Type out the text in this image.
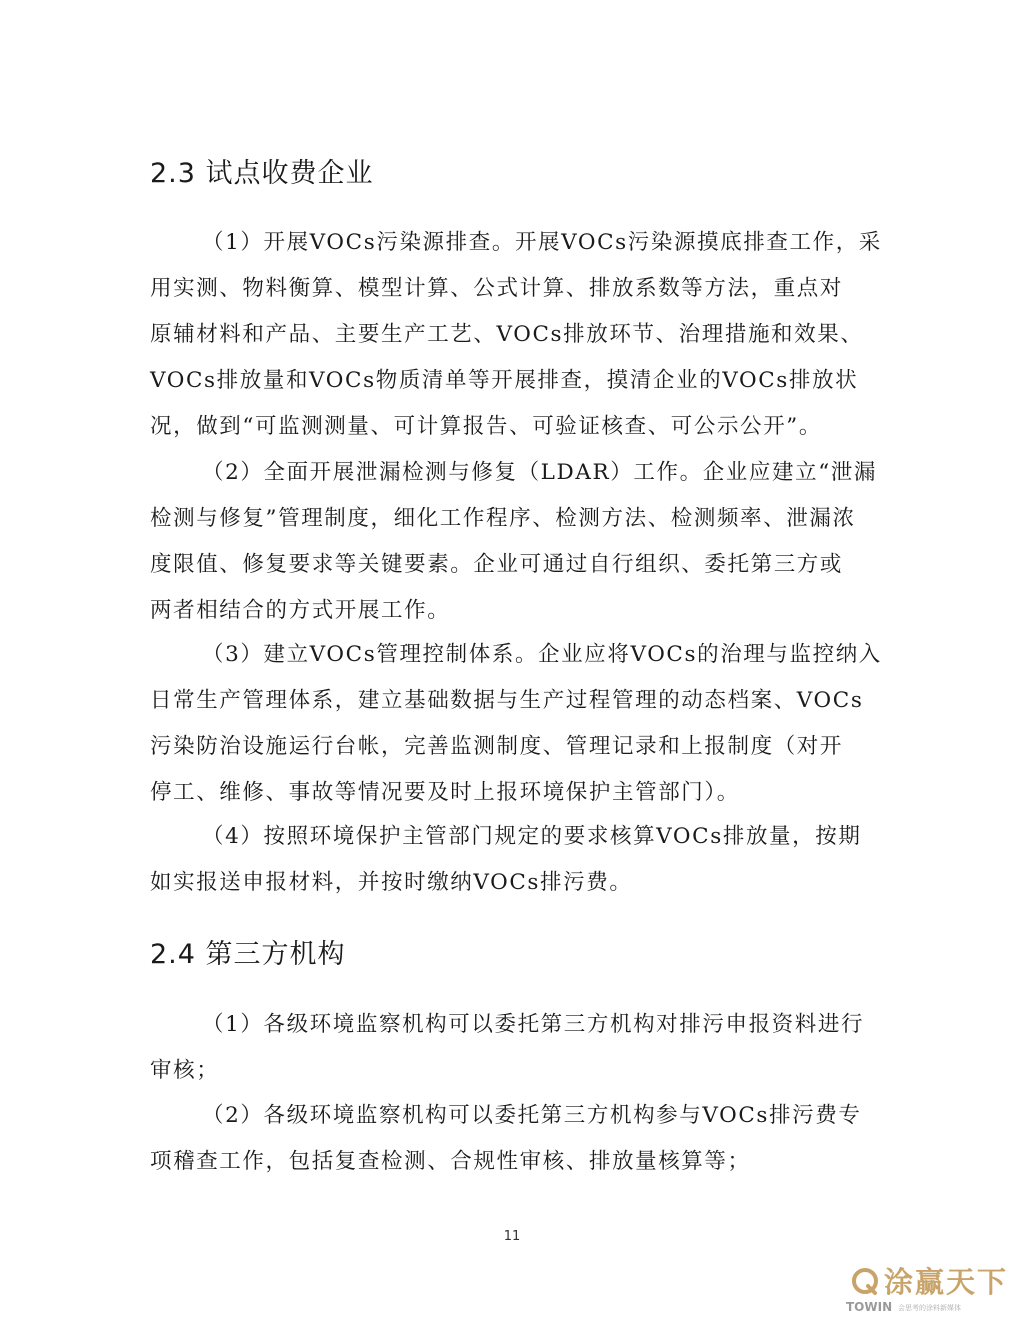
2.3 试点收费企业
（1）开展VOCs污染源排查。开展VOCs污染源摸底排查工作，采
用实测、物料衡算、模型计算、公式计算、排放系数等方法，重点对
原辅材料和产品、主要生产工艺、VOCs排放环节、治理措施和效果、
VOCs排放量和VOCs物质清单等开展排查，摸清企业的VOCs排放状
况，做到“可监测测量、可计算报告、可验证核查、可公示公开”。
（2）全面开展泄漏检测与修复（LDAR）工作。企业应建立“泄漏
检测与修复”管理制度，细化工作程序、检测方法、检测频率、泄漏浓
度限值、修复要求等关键要素。企业可通过自行组织、委托第三方或
两者相结合的方式开展工作。
（3）建立VOCs管理控制体系。企业应将VOCs的治理与监控纳入
日常生产管理体系，建立基础数据与生产过程管理的动态档案、VOCs
污染防治设施运行台帐，完善监测制度、管理记录和上报制度（对开
停工、维修、事故等情况要及时上报环境保护主管部门）。
（4）按照环境保护主管部门规定的要求核算VOCs排放量，按期
如实报送申报材料，并按时缴纳VOCs排污费。
2.4 第三方机构
（1）各级环境监察机构可以委托第三方机构对排污申报资料进行
审核；
（2）各级环境监察机构可以委托第三方机构参与VOCs排污费专
项稽查工作，包括复查检测、合规性审核、排放量核算等；
11
涂赢天下
TOWIN 会思考的涂料新媒体
